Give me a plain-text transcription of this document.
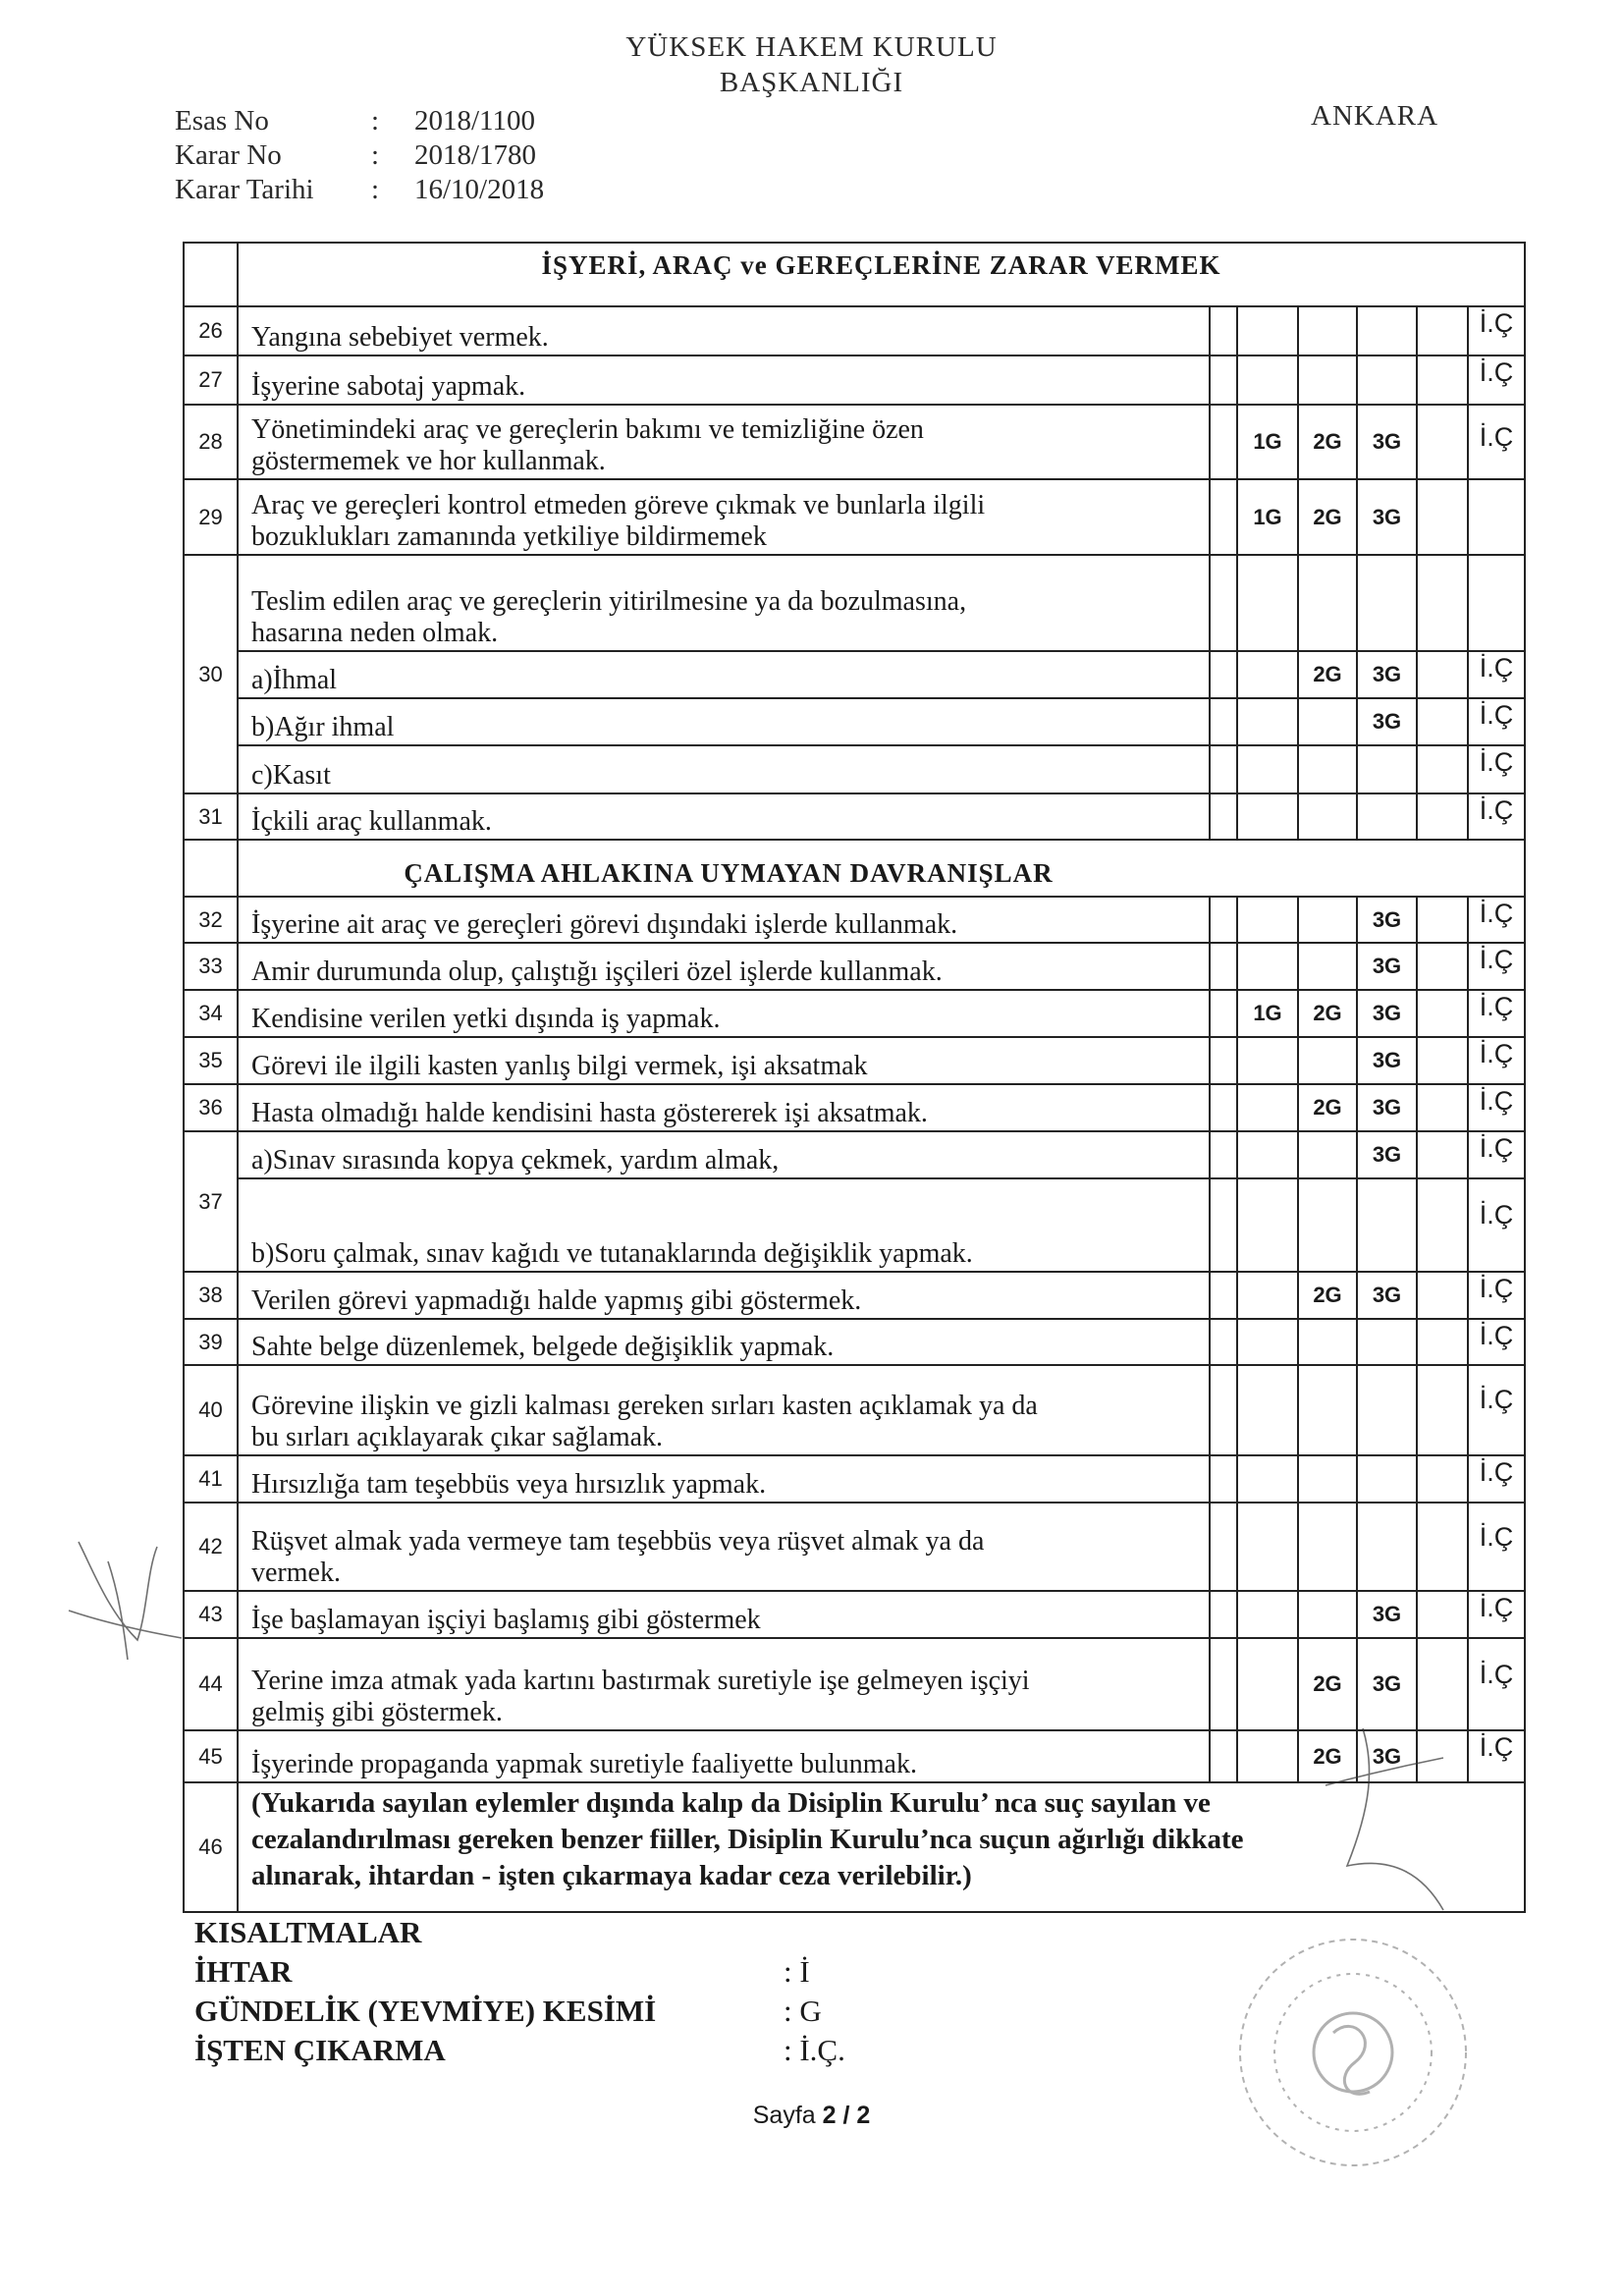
YÜKSEK HAKEM KURULU
BAŞKANLIĞI
ANKARA
Esas No	:	2018/1100
Karar No	:	2018/1780
Karar Tarihi	:	16/10/2018
İŞYERİ, ARAÇ ve GEREÇLERİNE ZARAR VERMEK
26	Yangına sebebiyet vermek.	İ.Ç
27	İşyerine sabotaj yapmak.	İ.Ç
28	Yönetimindeki araç ve gereçlerin bakımı ve temizliğine özen
göstermemek ve hor kullanmak.
1G	2G	3G	İ.Ç
29	Araç ve gereçleri kontrol etmeden göreve çıkmak ve bunlarla ilgili
bozuklukları zamanında yetkiliye bildirmemek
1G	2G	3G
30
Teslim edilen araç ve gereçlerin yitirilmesine ya da bozulmasına,
hasarına neden olmak.
a)İhmal	2G	3G	İ.Ç
b)Ağır ihmal	3G	İ.Ç
c)Kasıt	İ.Ç
31	İçkili araç kullanmak.	İ.Ç
ÇALIŞMA AHLAKINA UYMAYAN DAVRANIŞLAR
32	İşyerine ait araç ve gereçleri görevi dışındaki işlerde kullanmak.	3G	İ.Ç
33	Amir durumunda olup, çalıştığı işçileri özel işlerde kullanmak.	3G	İ.Ç
34	Kendisine verilen yetki dışında iş yapmak.	1G	2G	3G	İ.Ç
35	Görevi ile ilgili kasten yanlış bilgi vermek, işi aksatmak	3G	İ.Ç
36	Hasta olmadığı halde kendisini hasta göstererek işi aksatmak.	2G	3G	İ.Ç
37
a)Sınav sırasında kopya çekmek, yardım almak,	3G	İ.Ç
b)Soru çalmak, sınav kağıdı ve tutanaklarında değişiklik yapmak.
İ.Ç
38	Verilen görevi yapmadığı halde yapmış gibi göstermek.	2G	3G	İ.Ç
39	Sahte belge düzenlemek, belgede değişiklik yapmak.	İ.Ç
40	Görevine ilişkin ve gizli kalması gereken sırları kasten açıklamak ya da
bu sırları açıklayarak çıkar sağlamak.
İ.Ç
41	Hırsızlığa tam teşebbüs veya hırsızlık yapmak.	İ.Ç
42	Rüşvet almak yada vermeye tam teşebbüs veya rüşvet almak ya da
vermek.
İ.Ç
43	İşe başlamayan işçiyi başlamış gibi göstermek	3G	İ.Ç
44	Yerine imza atmak yada kartını bastırmak suretiyle işe gelmeyen işçiyi
gelmiş gibi göstermek.
2G	3G	İ.Ç
45	İşyerinde propaganda yapmak suretiyle faaliyette bulunmak.	2G	3G	İ.Ç
46
(Yukarıda sayılan eylemler dışında kalıp da Disiplin Kurulu’ nca suç sayılan ve
cezalandırılması gereken benzer fiiller, Disiplin Kurulu’nca suçun ağırlığı dikkate
alınarak, ihtardan - işten çıkarmaya kadar ceza verilebilir.)
KISALTMALAR
İHTAR	: İ
GÜNDELİK (YEVMİYE) KESİMİ	: G
İŞTEN ÇIKARMA	: İ.Ç.
Sayfa 2 / 2
